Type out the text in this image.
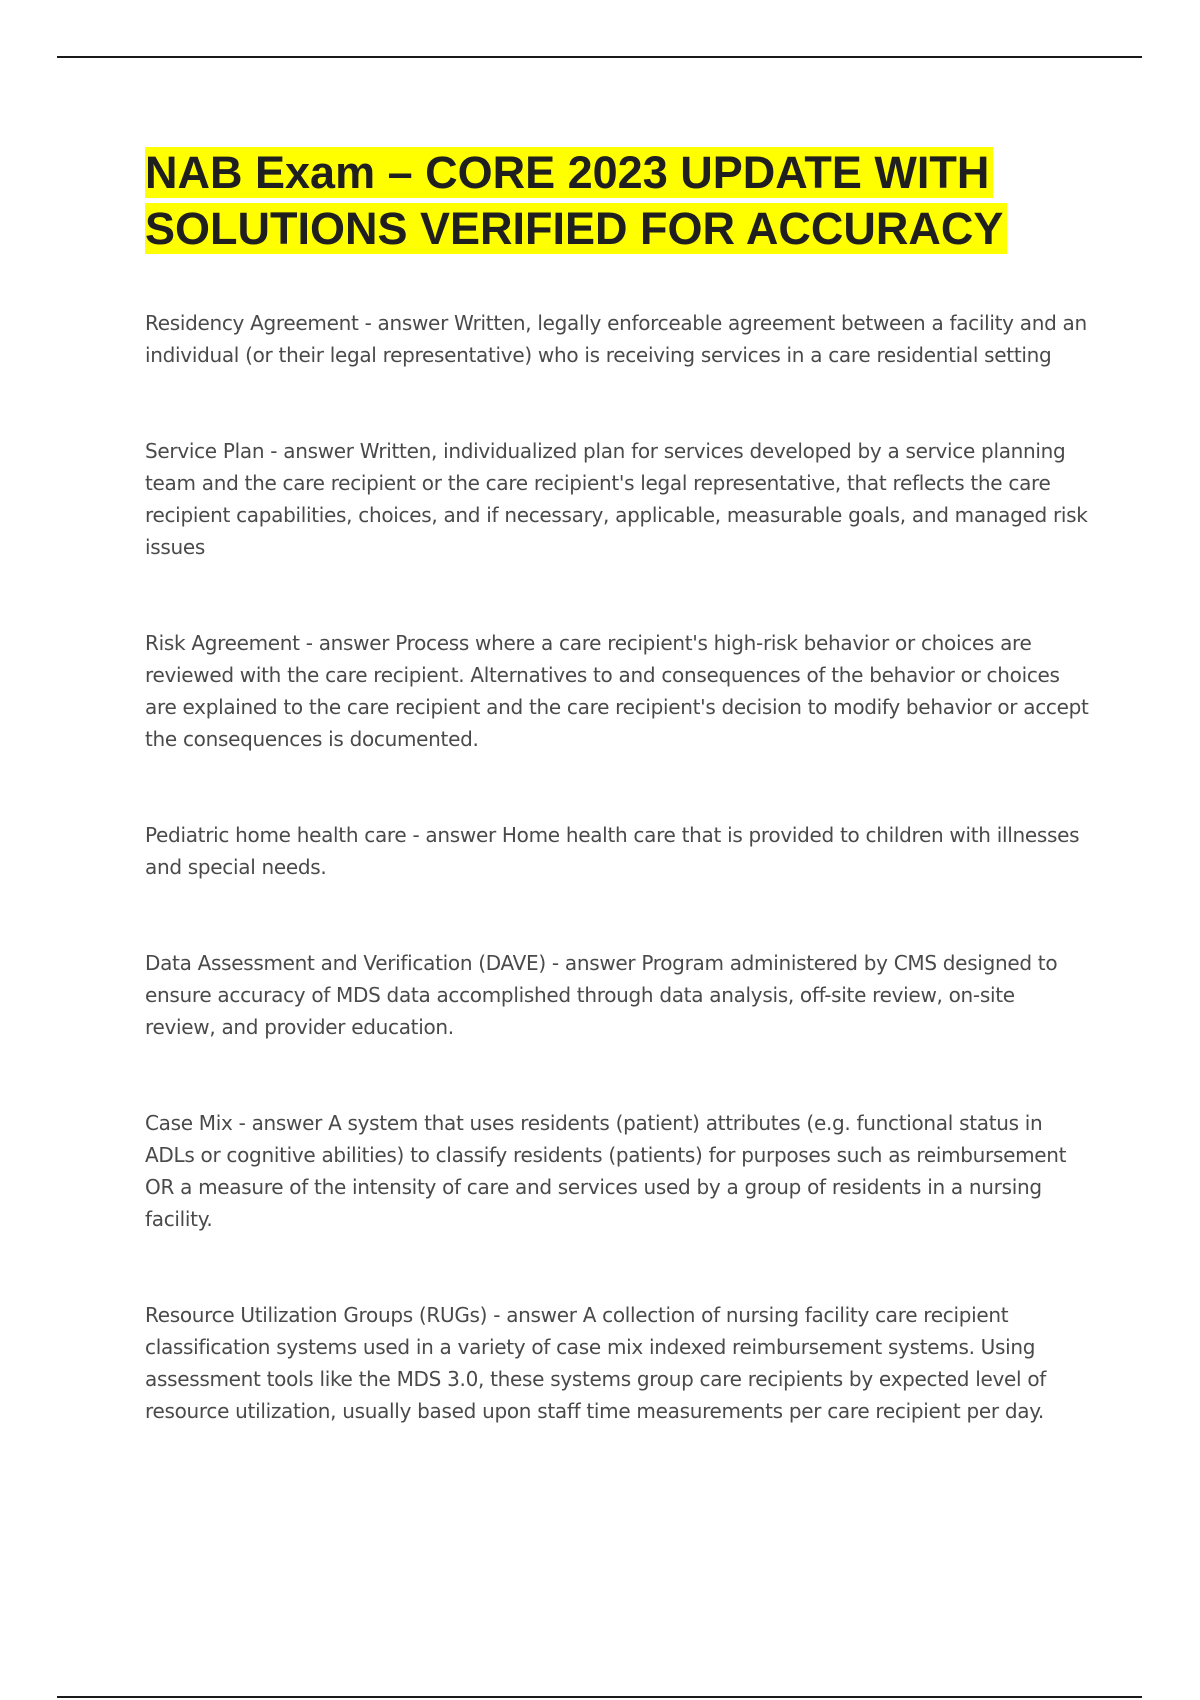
NAB Exam – CORE 2023 UPDATE WITH SOLUTIONS VERIFIED FOR ACCURACY

Residency Agreement - answer Written, legally enforceable agreement between a facility and an individual (or their legal representative) who is receiving services in a care residential setting

Service Plan - answer Written, individualized plan for services developed by a service planning team and the care recipient or the care recipient's legal representative, that reflects the care recipient capabilities, choices, and if necessary, applicable, measurable goals, and managed risk issues

Risk Agreement - answer Process where a care recipient's high-risk behavior or choices are reviewed with the care recipient. Alternatives to and consequences of the behavior or choices are explained to the care recipient and the care recipient's decision to modify behavior or accept the consequences is documented.

Pediatric home health care - answer Home health care that is provided to children with illnesses and special needs.

Data Assessment and Verification (DAVE) - answer Program administered by CMS designed to ensure accuracy of MDS data accomplished through data analysis, off-site review, on-site review, and provider education.

Case Mix - answer A system that uses residents (patient) attributes (e.g. functional status in ADLs or cognitive abilities) to classify residents (patients) for purposes such as reimbursement OR a measure of the intensity of care and services used by a group of residents in a nursing facility.

Resource Utilization Groups (RUGs) - answer A collection of nursing facility care recipient classification systems used in a variety of case mix indexed reimbursement systems. Using assessment tools like the MDS 3.0, these systems group care recipients by expected level of resource utilization, usually based upon staff time measurements per care recipient per day.
